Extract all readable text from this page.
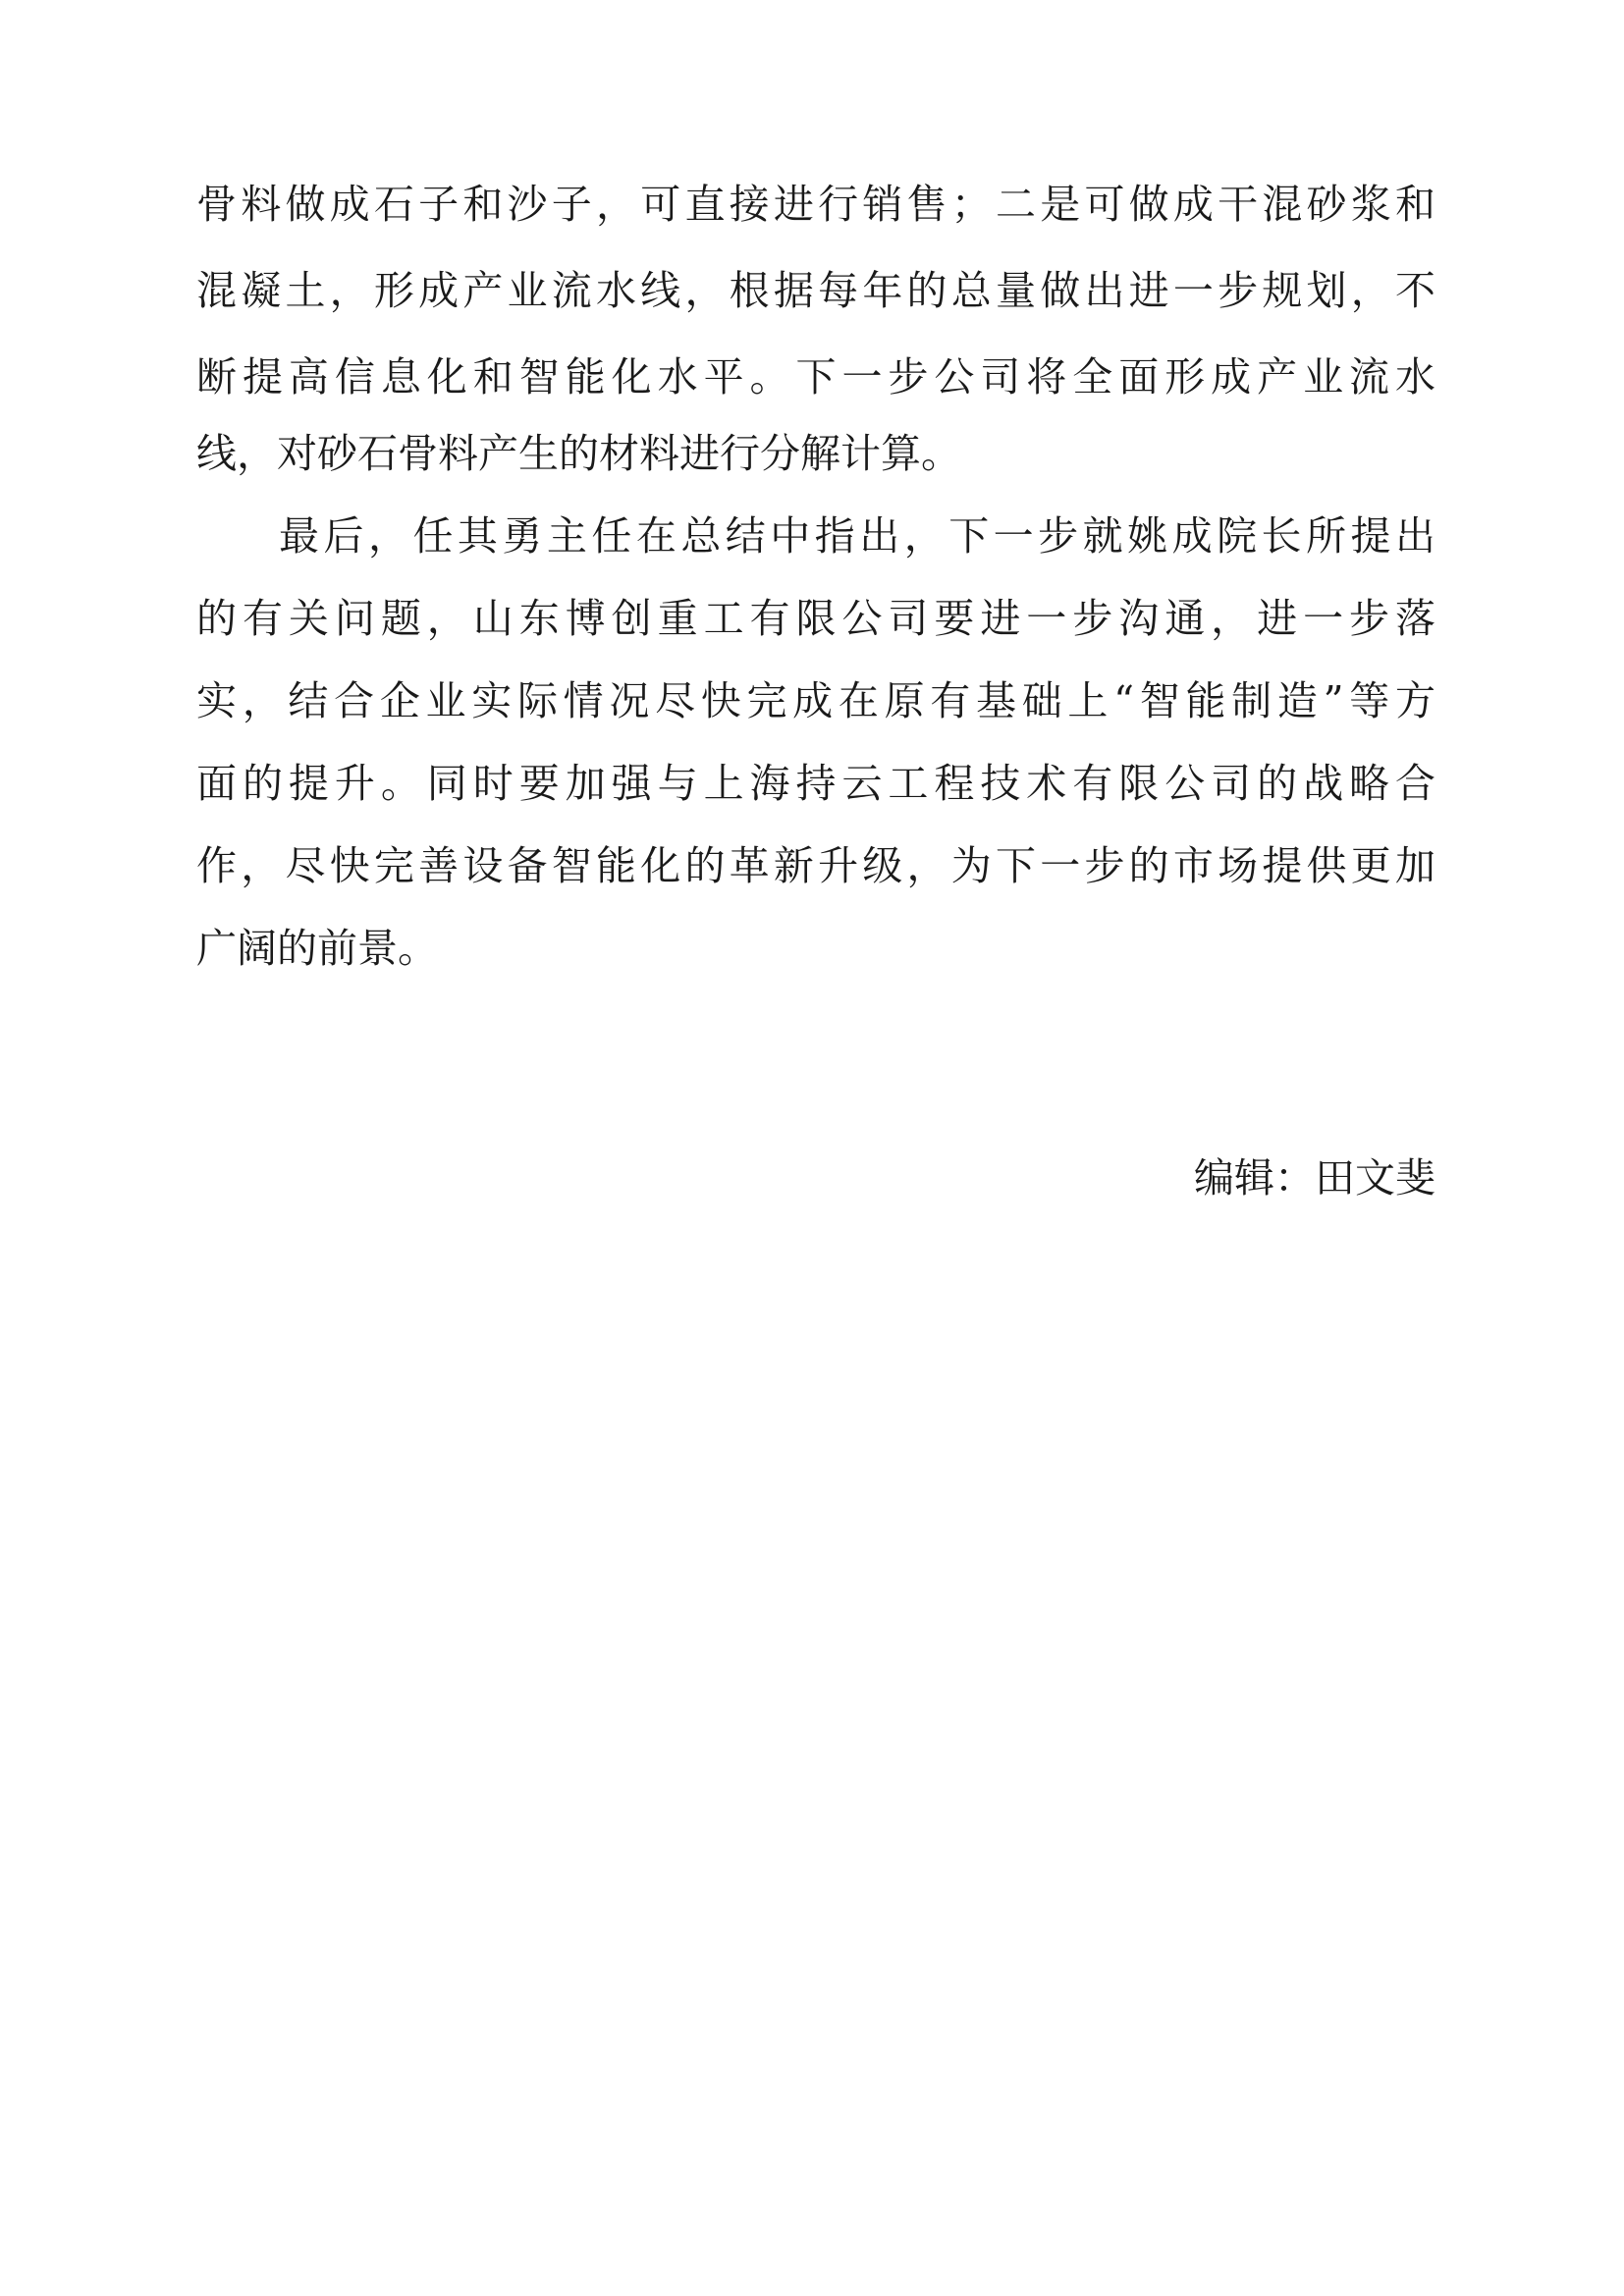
骨料做成石子和沙子，可直接进行销售；二是可做成干混砂浆和
混凝土，形成产业流水线，根据每年的总量做出进一步规划，不
断提高信息化和智能化水平。下一步公司将全面形成产业流水
线，对砂石骨料产生的材料进行分解计算。
最后，任其勇主任在总结中指出，下一步就姚成院长所提出
的有关问题，山东博创重工有限公司要进一步沟通，进一步落
实，结合企业实际情况尽快完成在原有基础上“智能制造”等方
面的提升。同时要加强与上海持云工程技术有限公司的战略合
作，尽快完善设备智能化的革新升级，为下一步的市场提供更加
广阔的前景。
编辑：田文斐
